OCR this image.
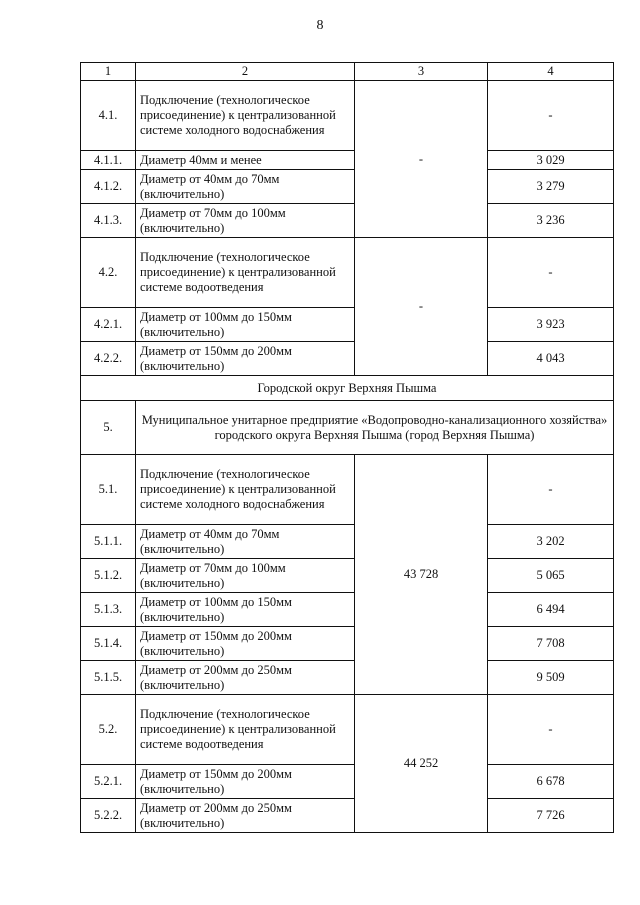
8
1	2	3	4
4.1.	Подключение (технологическое присоединение) к централизованной системе холодного водоснабжения	-	-
4.1.1.	Диаметр 40мм и менее		3 029
4.1.2.	Диаметр от 40мм до 70мм (включительно)		3 279
4.1.3.	Диаметр от 70мм до 100мм (включительно)		3 236
4.2.	Подключение (технологическое присоединение) к централизованной системе водоотведения	-	-
4.2.1.	Диаметр от 100мм до 150мм (включительно)		3 923
4.2.2.	Диаметр от 150мм до 200мм (включительно)		4 043
Городской округ Верхняя Пышма			
5.	Муниципальное унитарное предприятие «Водопроводно-канализационного хозяйства» городского округа Верхняя Пышма (город Верхняя Пышма)		
5.1.	Подключение (технологическое присоединение) к централизованной системе холодного водоснабжения	43 728	-
5.1.1.	Диаметр от 40мм до 70мм (включительно)		3 202
5.1.2.	Диаметр от 70мм до 100мм (включительно)		5 065
5.1.3.	Диаметр от 100мм до 150мм (включительно)		6 494
5.1.4.	Диаметр от 150мм до 200мм (включительно)		7 708
5.1.5.	Диаметр от 200мм до 250мм (включительно)		9 509
5.2.	Подключение (технологическое присоединение) к централизованной системе водоотведения	44 252	-
5.2.1.	Диаметр от 150мм до 200мм (включительно)		6 678
5.2.2.	Диаметр от 200мм до 250мм (включительно)		7 726
